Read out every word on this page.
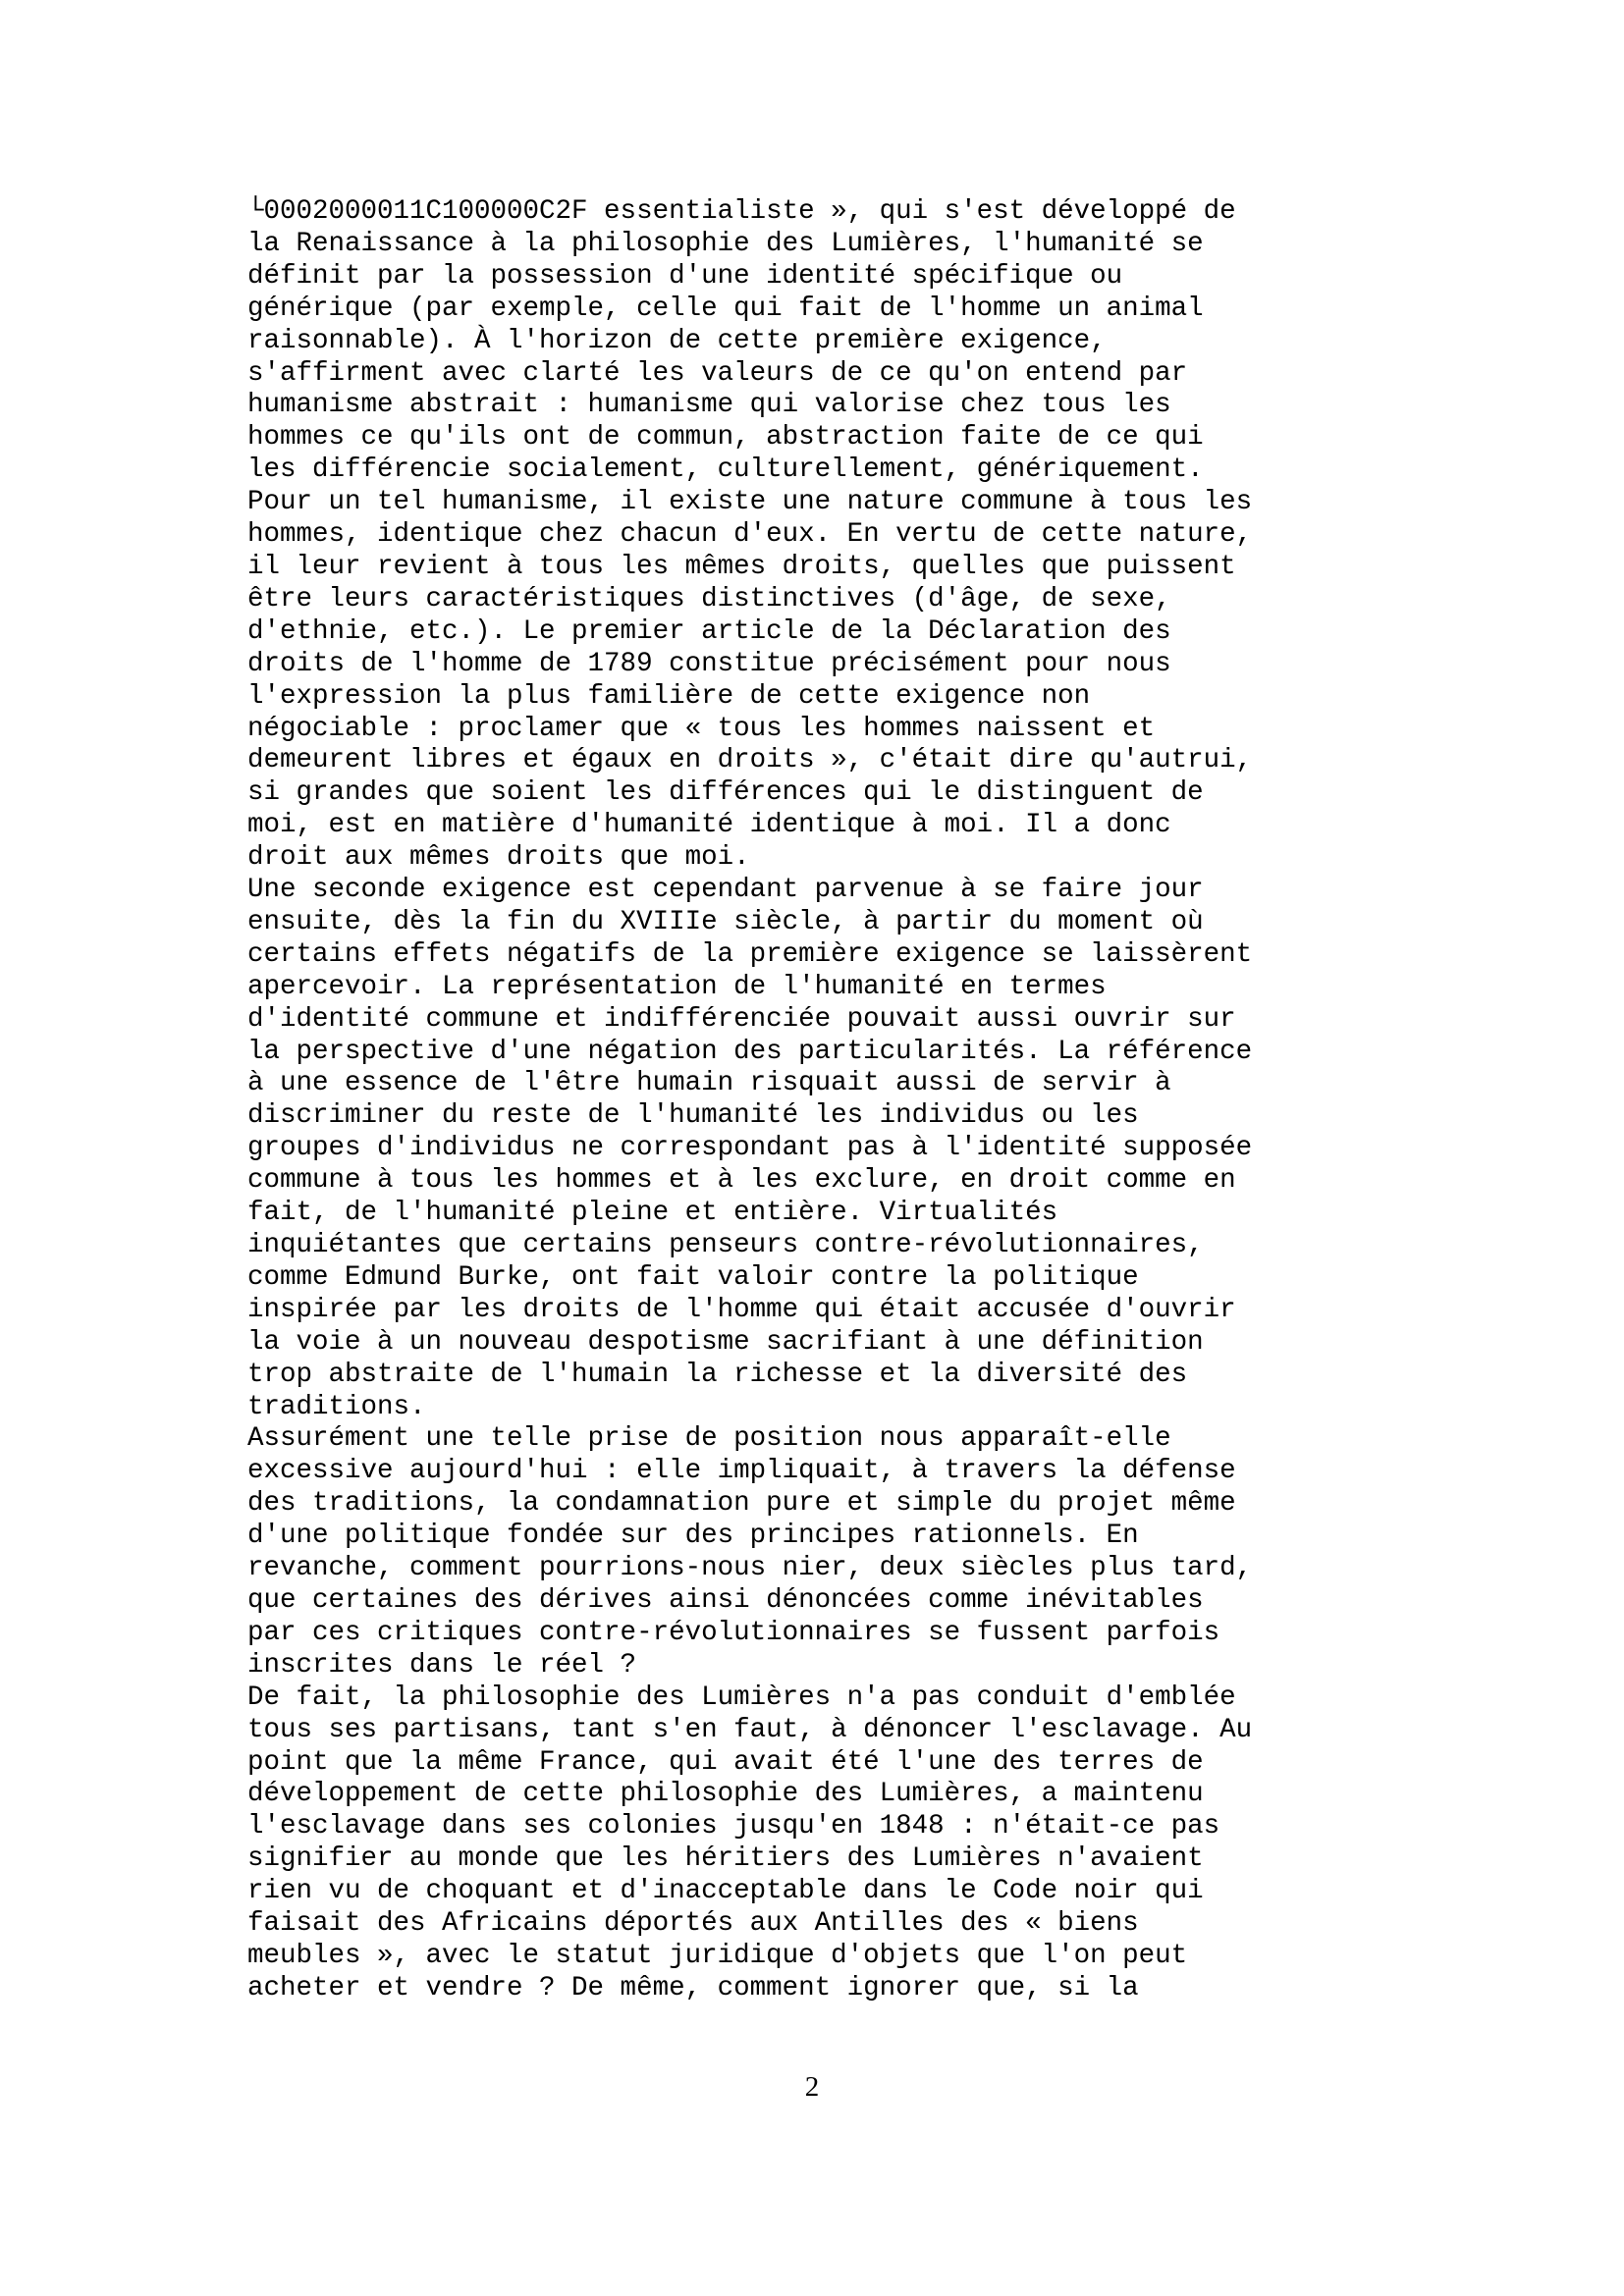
└0002000011C100000C2F essentialiste », qui s'est développé de
la Renaissance à la philosophie des Lumières, l'humanité se
définit par la possession d'une identité spécifique ou
générique (par exemple, celle qui fait de l'homme un animal
raisonnable). À l'horizon de cette première exigence,
s'affirment avec clarté les valeurs de ce qu'on entend par
humanisme abstrait : humanisme qui valorise chez tous les
hommes ce qu'ils ont de commun, abstraction faite de ce qui
les différencie socialement, culturellement, génériquement.
Pour un tel humanisme, il existe une nature commune à tous les
hommes, identique chez chacun d'eux. En vertu de cette nature,
il leur revient à tous les mêmes droits, quelles que puissent
être leurs caractéristiques distinctives (d'âge, de sexe,
d'ethnie, etc.). Le premier article de la Déclaration des
droits de l'homme de 1789 constitue précisément pour nous
l'expression la plus familière de cette exigence non
négociable : proclamer que « tous les hommes naissent et
demeurent libres et égaux en droits », c'était dire qu'autrui,
si grandes que soient les différences qui le distinguent de
moi, est en matière d'humanité identique à moi. Il a donc
droit aux mêmes droits que moi.
Une seconde exigence est cependant parvenue à se faire jour
ensuite, dès la fin du XVIIIe siècle, à partir du moment où
certains effets négatifs de la première exigence se laissèrent
apercevoir. La représentation de l'humanité en termes
d'identité commune et indifférenciée pouvait aussi ouvrir sur
la perspective d'une négation des particularités. La référence
à une essence de l'être humain risquait aussi de servir à
discriminer du reste de l'humanité les individus ou les
groupes d'individus ne correspondant pas à l'identité supposée
commune à tous les hommes et à les exclure, en droit comme en
fait, de l'humanité pleine et entière. Virtualités
inquiétantes que certains penseurs contre-révolutionnaires,
comme Edmund Burke, ont fait valoir contre la politique
inspirée par les droits de l'homme qui était accusée d'ouvrir
la voie à un nouveau despotisme sacrifiant à une définition
trop abstraite de l'humain la richesse et la diversité des
traditions.
Assurément une telle prise de position nous apparaît-elle
excessive aujourd'hui : elle impliquait, à travers la défense
des traditions, la condamnation pure et simple du projet même
d'une politique fondée sur des principes rationnels. En
revanche, comment pourrions-nous nier, deux siècles plus tard,
que certaines des dérives ainsi dénoncées comme inévitables
par ces critiques contre-révolutionnaires se fussent parfois
inscrites dans le réel ?
De fait, la philosophie des Lumières n'a pas conduit d'emblée
tous ses partisans, tant s'en faut, à dénoncer l'esclavage. Au
point que la même France, qui avait été l'une des terres de
développement de cette philosophie des Lumières, a maintenu
l'esclavage dans ses colonies jusqu'en 1848 : n'était-ce pas
signifier au monde que les héritiers des Lumières n'avaient
rien vu de choquant et d'inacceptable dans le Code noir qui
faisait des Africains déportés aux Antilles des « biens
meubles », avec le statut juridique d'objets que l'on peut
acheter et vendre ? De même, comment ignorer que, si la
2
